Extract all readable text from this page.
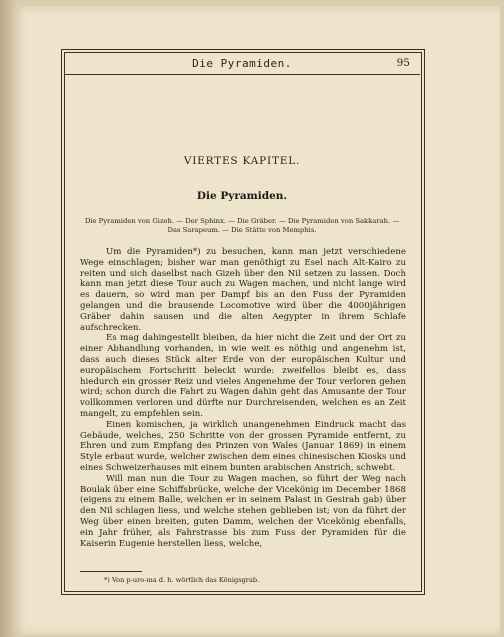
Die Pyramiden.	95
VIERTES KAPITEL.
Die Pyramiden.
Die Pyramiden von Gizeh. — Der Sphinx. — Die Gräber. — Die Pyramiden von Sakkarah. — Das Sarapeum. — Die Stätte von Memphis.

Um die Pyramiden*) zu besuchen, kann man jetzt verschiedene Wege einschlagen; bisher war man genöthigt zu Esel nach Alt-Kairo zu reiten und sich daselbst nach Gizeh über den Nil setzen zu lassen. Doch kann man jetzt diese Tour auch zu Wagen machen, und nicht lange wird es dauern, so wird man per Dampf bis an den Fuss der Pyramiden gelangen und die brausende Locomotive wird über die 4000jährigen Gräber dahin sausen und die alten Aegypter in ihrem Schlafe aufschrecken.

Es mag dahingestellt bleiben, da hier nicht die Zeit und der Ort zu einer Abhandlung vorhanden, in wie weit es nöthig und angenehm ist, dass auch dieses Stück alter Erde von der europäischen Kultur und europäischem Fortschritt beleckt wurde: zweifellos bleibt es, dass hiedurch ein grosser Reiz und vieles Angenehme der Tour verloren gehen wird; schon durch die Fahrt zu Wagen dahin geht das Amusante der Tour vollkommen verloren und dürfte nur Durchreisenden, welchen es an Zeit mangelt, zu empfehlen sein.

Einen komischen, ja wirklich unangenehmen Eindruck macht das Gebäude, welches, 250 Schritte von der grossen Pyramide entfernt, zu Ehren und zum Empfang des Prinzen von Wales (Januar 1869) in einem Style erbaut wurde, welcher zwischen dem eines chinesischen Kiosks und eines Schweizerhauses mit einem bunten arabischen Anstrich, schwebt.

Will man nun die Tour zu Wagen machen, so führt der Weg nach Boulak über eine Schiffsbrücke, welche der Vicekönig im December 1868 (eigens zu einem Balle, welchen er in seinem Palast in Gesirah gab) über den Nil schlagen liess, und welche stehen geblieben ist; von da führt der Weg über einen breiten, guten Damm, welchen der Vicekönig ebenfalls, ein Jahr früher, als Fahrstrasse bis zum Fuss der Pyramiden für die Kaiserin Eugenie herstellen liess, welche,

*) Von p-uro-ma d. h. wörtlich das Königsgrab.
